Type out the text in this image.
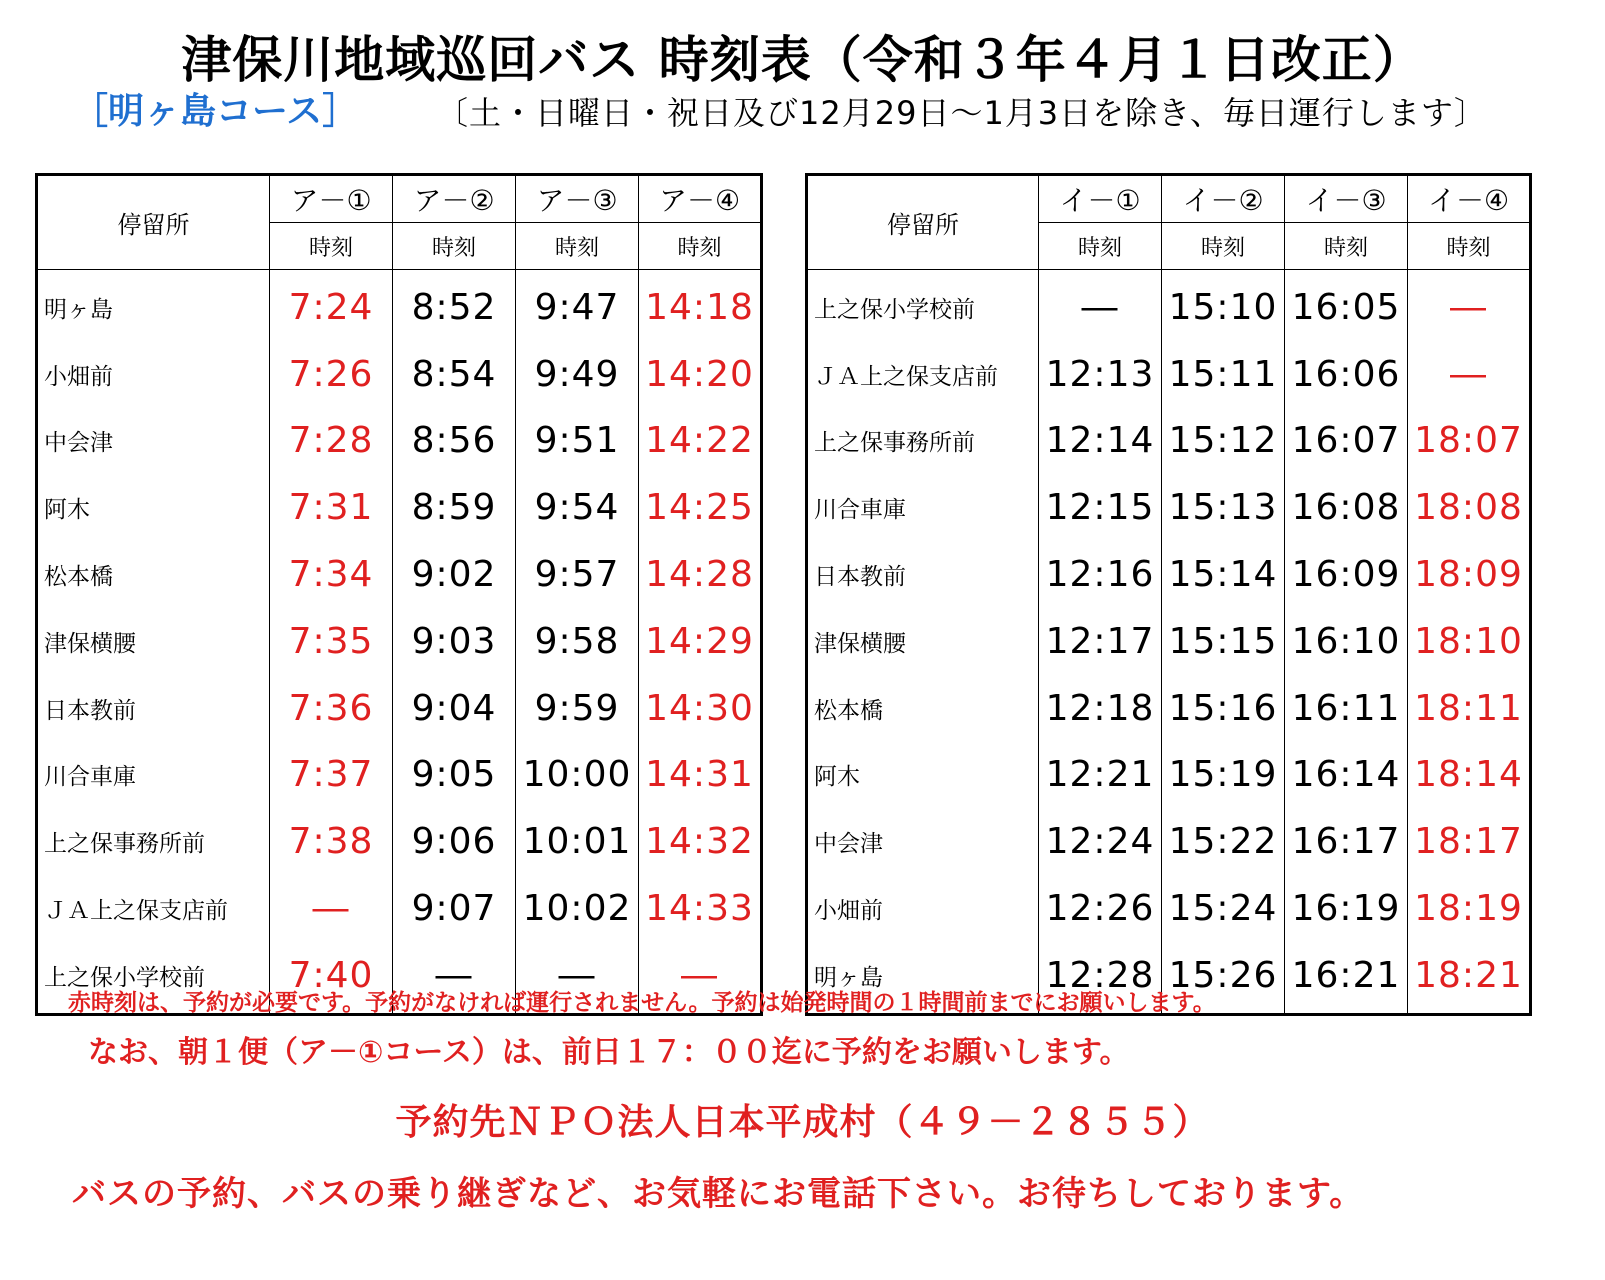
津保川地域巡回バス 時刻表（令和３年４月１日改正）
［明ヶ島コース］ 〔土・日曜日・祝日及び12月29日～1月3日を除き、毎日運行します〕
停留所	ア－①	ア－②	ア－③	ア－④
	時刻	時刻	時刻	時刻
明ヶ島	7:24	8:52	9:47	14:18
小畑前	7:26	8:54	9:49	14:20
中会津	7:28	8:56	9:51	14:22
阿木	7:31	8:59	9:54	14:25
松本橋	7:34	9:02	9:57	14:28
津保横腰	7:35	9:03	9:58	14:29
日本教前	7:36	9:04	9:59	14:30
川合車庫	7:37	9:05	10:00	14:31
上之保事務所前	7:38	9:06	10:01	14:32
ＪＡ上之保支店前	―	9:07	10:02	14:33
上之保小学校前	7:40	―	―	―
停留所	イ－①	イ－②	イ－③	イ－④
	時刻	時刻	時刻	時刻
上之保小学校前	―	15:10	16:05	―
ＪＡ上之保支店前	12:13	15:11	16:06	―
上之保事務所前	12:14	15:12	16:07	18:07
川合車庫	12:15	15:13	16:08	18:08
日本教前	12:16	15:14	16:09	18:09
津保横腰	12:17	15:15	16:10	18:10
松本橋	12:18	15:16	16:11	18:11
阿木	12:21	15:19	16:14	18:14
中会津	12:24	15:22	16:17	18:17
小畑前	12:26	15:24	16:19	18:19
明ヶ島	12:28	15:26	16:21	18:21
赤時刻は、予約が必要です。予約がなければ運行されません。予約は始発時間の１時間前までにお願いします。
なお、朝１便（ア－①コース）は、前日１７：００迄に予約をお願いします。
予約先ＮＰＯ法人日本平成村（４９－２８５５）
バスの予約、バスの乗り継ぎなど、お気軽にお電話下さい。お待ちしております。
